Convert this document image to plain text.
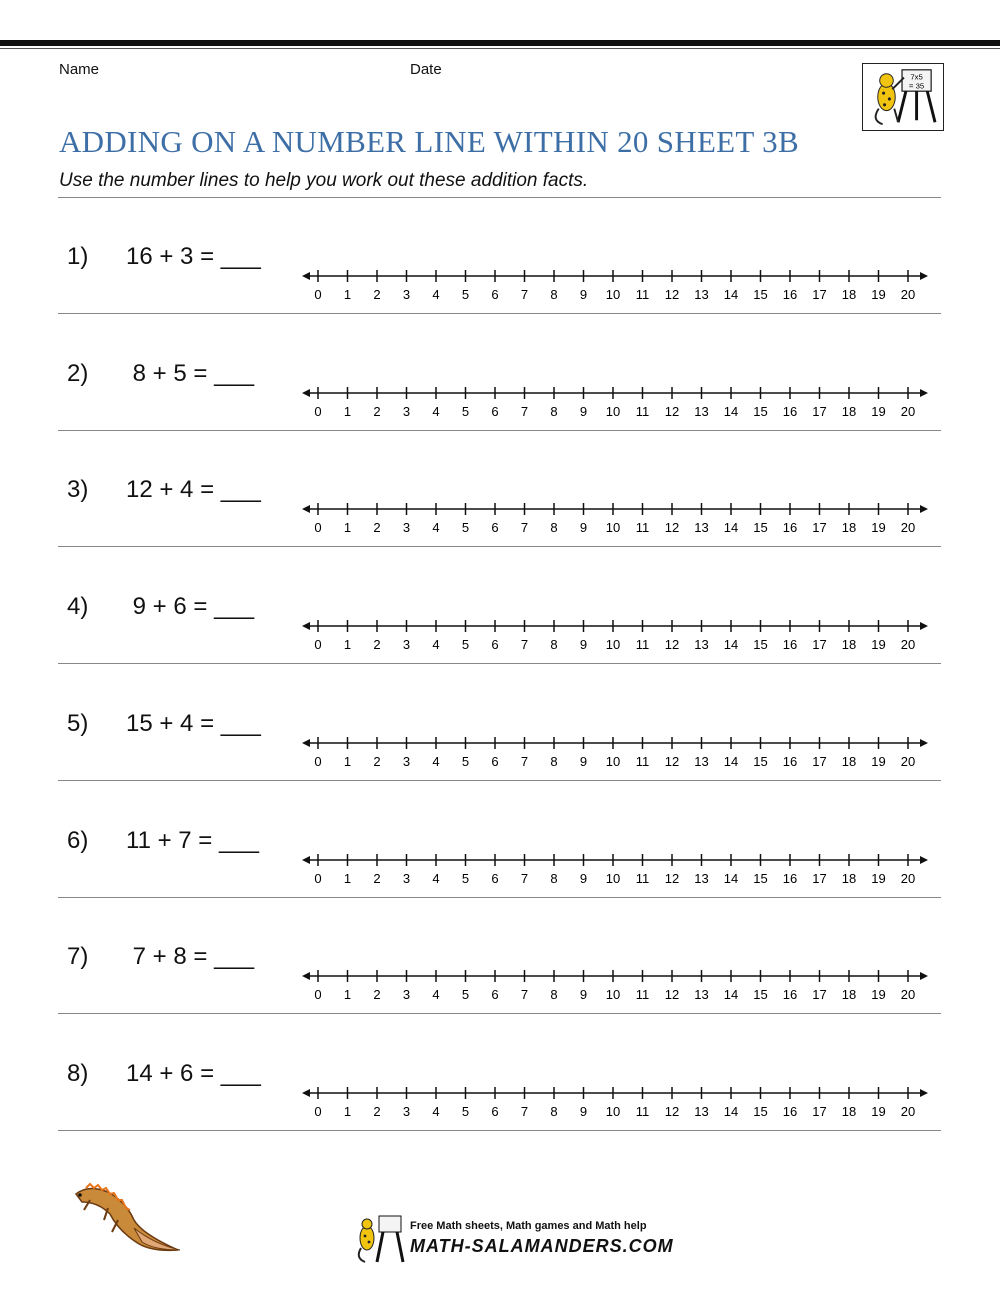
Name	Date	7x5
= 35
ADDING ON A NUMBER LINE WITHIN 20 SHEET 3B
Use the number lines to help you work out these addition facts.
1) 16 + 3 = ___
0 1 2 3 4 5 6 7 8 9 10 11 12 13 14 15 16 17 18 19 20
2) 8 + 5 = ___
0 1 2 3 4 5 6 7 8 9 10 11 12 13 14 15 16 17 18 19 20
3) 12 + 4 = ___
0 1 2 3 4 5 6 7 8 9 10 11 12 13 14 15 16 17 18 19 20
4) 9 + 6 = ___
0 1 2 3 4 5 6 7 8 9 10 11 12 13 14 15 16 17 18 19 20
5) 15 + 4 = ___
0 1 2 3 4 5 6 7 8 9 10 11 12 13 14 15 16 17 18 19 20
6) 11 + 7 = ___
0 1 2 3 4 5 6 7 8 9 10 11 12 13 14 15 16 17 18 19 20
7) 7 + 8 = ___
0 1 2 3 4 5 6 7 8 9 10 11 12 13 14 15 16 17 18 19 20
8) 14 + 6 = ___
0 1 2 3 4 5 6 7 8 9 10 11 12 13 14 15 16 17 18 19 20
Free Math sheets, Math games and Math help
MATH-SALAMANDERS.COM
